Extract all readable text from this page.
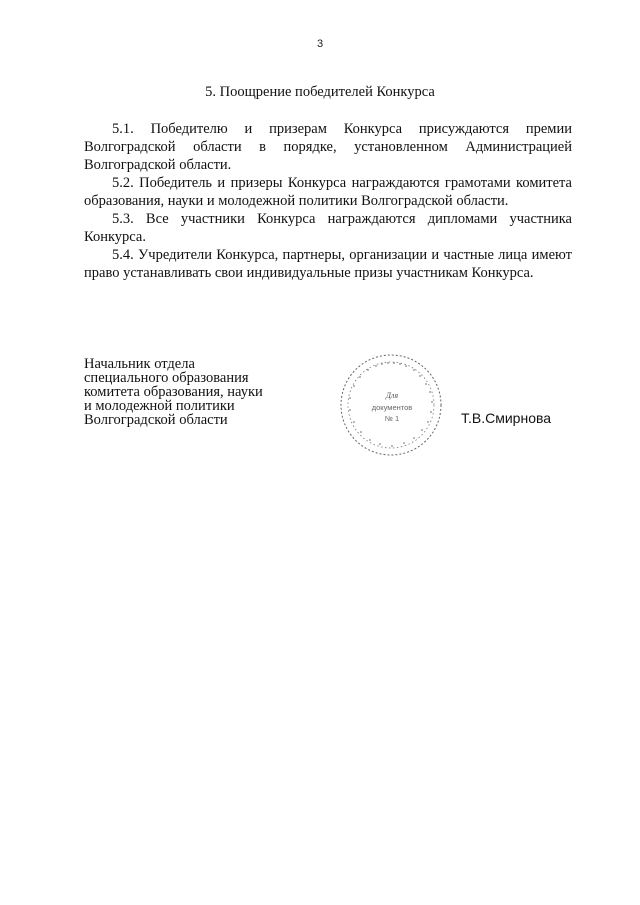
3
5. Поощрение победителей Конкурса

5.1. Победителю и призерам Конкурса присуждаются премии Волгоградской области в порядке, установленном Администрацией Волгоградской области.

5.2. Победитель и призеры Конкурса награждаются грамотами комитета образования, науки и молодежной политики Волгоградской области.

5.3. Все участники Конкурса награждаются дипломами участника Конкурса.

5.4. Учредители Конкурса, партнеры, организации и частные лица имеют право устанавливать свои индивидуальные призы участникам Конкурса.

Начальник отдела
специального образования
комитета образования, науки
и молодежной политики
Волгоградской области
Для
документов
№ 1	Т.В.Смирнова
